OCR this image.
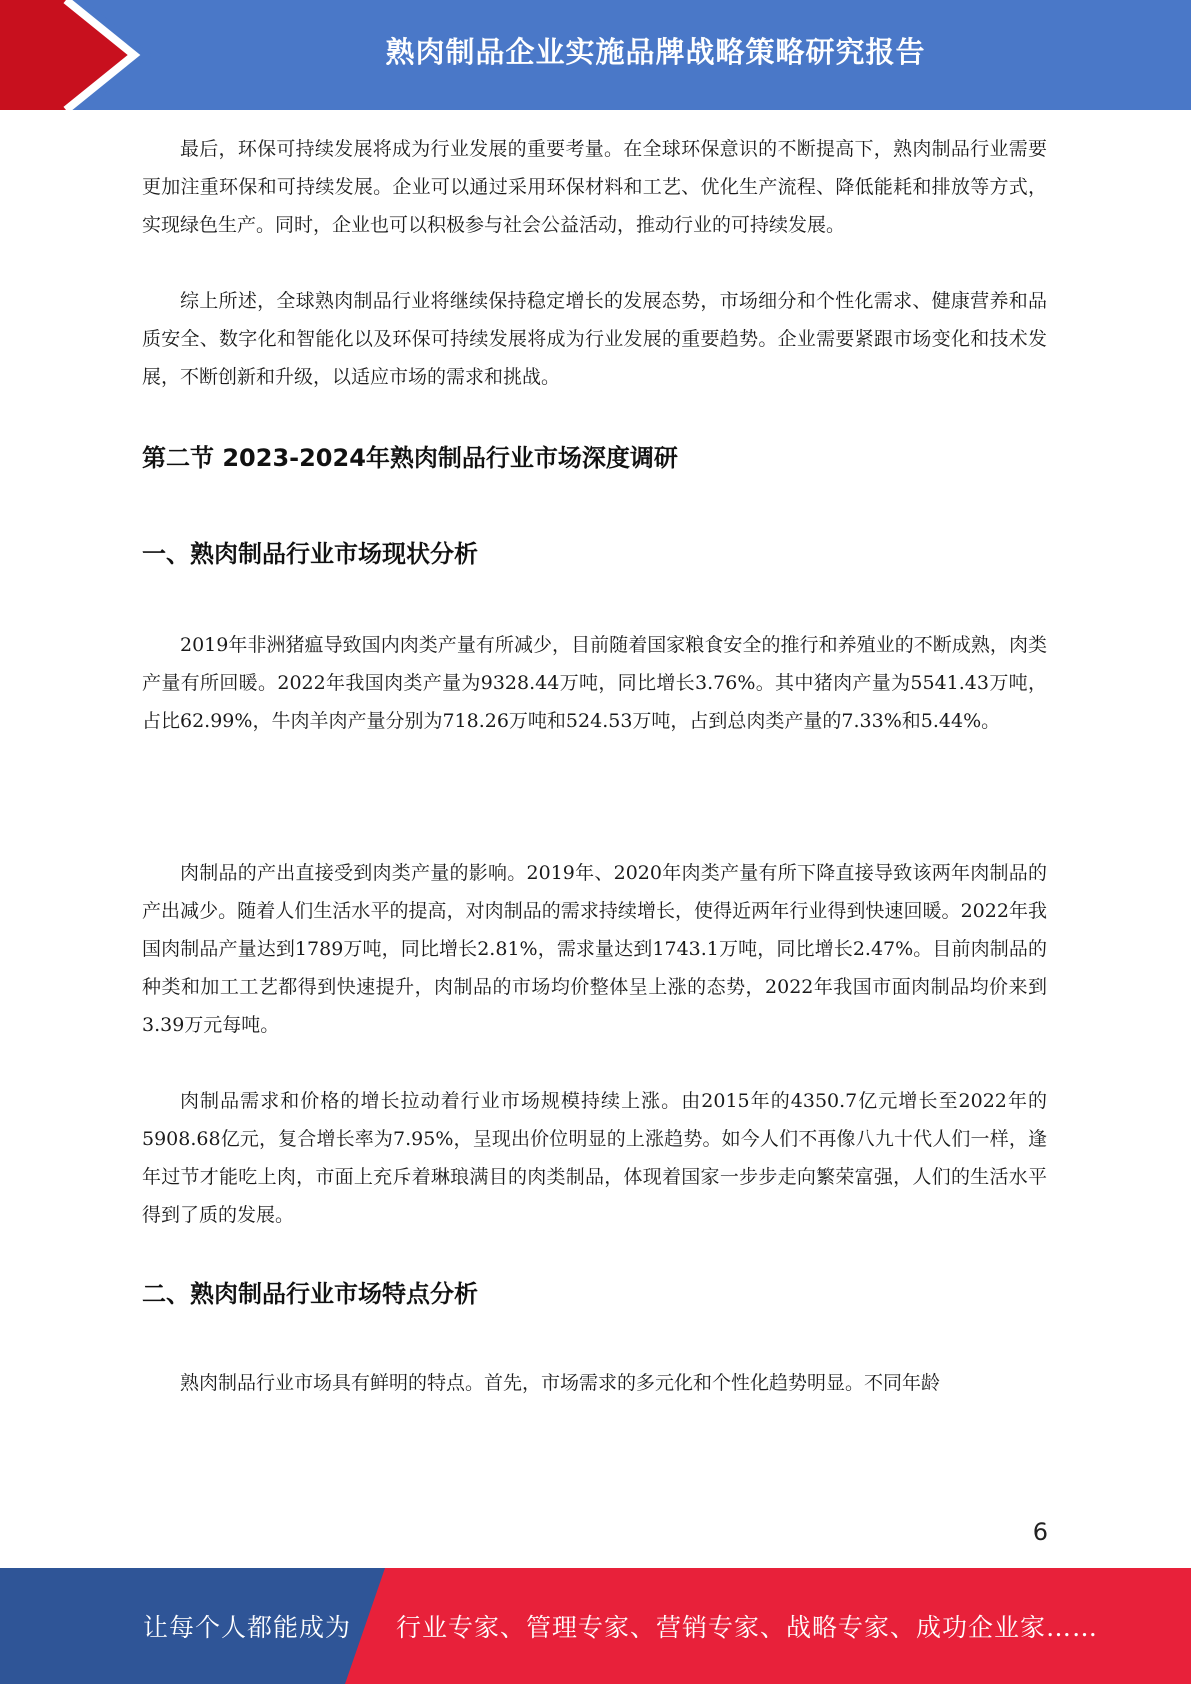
熟肉制品企业实施品牌战略策略研究报告

最后，环保可持续发展将成为行业发展的重要考量。在全球环保意识的不断提高下，熟肉制品行业需要更加注重环保和可持续发展。企业可以通过采用环保材料和工艺、优化生产流程、降低能耗和排放等方式，实现绿色生产。同时，企业也可以积极参与社会公益活动，推动行业的可持续发展。

综上所述，全球熟肉制品行业将继续保持稳定增长的发展态势，市场细分和个性化需求、健康营养和品质安全、数字化和智能化以及环保可持续发展将成为行业发展的重要趋势。企业需要紧跟市场变化和技术发展，不断创新和升级，以适应市场的需求和挑战。

第二节 2023-2024年熟肉制品行业市场深度调研
一、熟肉制品行业市场现状分析

2019年非洲猪瘟导致国内肉类产量有所减少，目前随着国家粮食安全的推行和养殖业的不断成熟，肉类产量有所回暖。2022年我国肉类产量为9328.44万吨，同比增长3.76%。其中猪肉产量为5541.43万吨，占比62.99%，牛肉羊肉产量分别为718.26万吨和524.53万吨，占到总肉类产量的7.33%和5.44%。

肉制品的产出直接受到肉类产量的影响。2019年、2020年肉类产量有所下降直接导致该两年肉制品的产出减少。随着人们生活水平的提高，对肉制品的需求持续增长，使得近两年行业得到快速回暖。2022年我国肉制品产量达到1789万吨，同比增长2.81%，需求量达到1743.1万吨，同比增长2.47%。目前肉制品的种类和加工工艺都得到快速提升，肉制品的市场均价整体呈上涨的态势，2022年我国市面肉制品均价来到3.39万元每吨。

肉制品需求和价格的增长拉动着行业市场规模持续上涨。由2015年的4350.7亿元增长至2022年的5908.68亿元，复合增长率为7.95%，呈现出价位明显的上涨趋势。如今人们不再像八九十代人们一样，逢年过节才能吃上肉，市面上充斥着琳琅满目的肉类制品，体现着国家一步步走向繁荣富强，人们的生活水平得到了质的发展。

二、熟肉制品行业市场特点分析

熟肉制品行业市场具有鲜明的特点。首先，市场需求的多元化和个性化趋势明显。不同年龄

6
让每个人都能成为 行业专家、管理专家、营销专家、战略专家、成功企业家……
